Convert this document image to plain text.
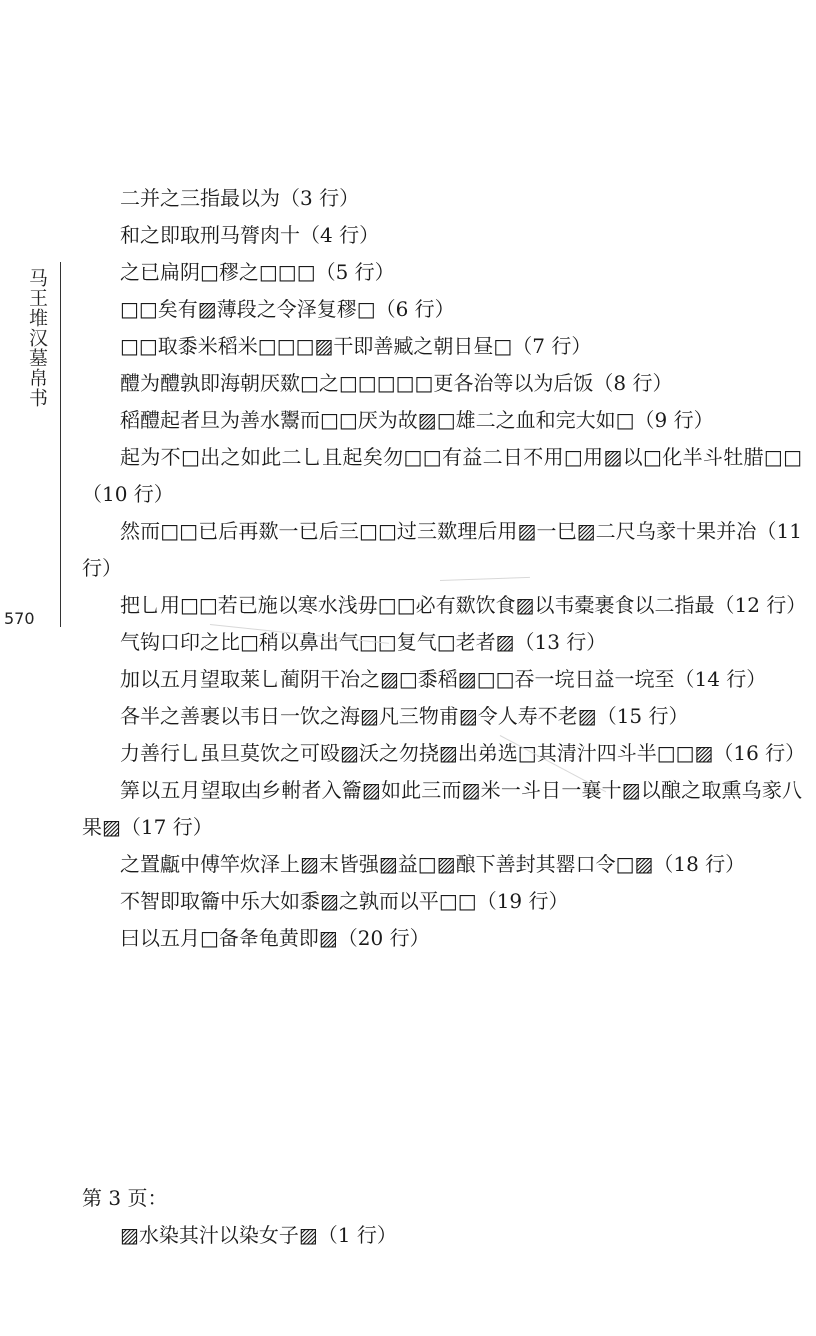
马王堆汉墓帛书
570

二并之三指最以为（3 行）

和之即取刑马膂肉十（4 行）

之已扁阴□穋之□□□（5 行）

□□矣有▨薄段之令泽复穋□（6 行）

□□取黍米稻米□□□▨干即善臧之朝日昼□（7 行）

醴为醴孰即海朝厌欼□之□□□□□更各治等以为后饭（8 行）

稻醴起者旦为善水鬻而□□厌为故▨□雄二之血和完大如□（9 行）

起为不□出之如此二乚且起矣勿□□有益二日不用□用▨以□化半斗牡腊□□（10 行）

然而□□已后再欼一已后三□□过三欼理后用▨一巳▨二尺乌豙十果并冶（11 行）

把乚用□□若已施以寒水浅毋□□必有欼饮食▨以韦橐裹食以二指最（12 行）

气钩口印之比□稍以鼻出气□□复气□老者▨（13 行）

加以五月望取莱乚蔺阴干冶之▨□黍稻▨□□吞一垸日益一垸至（14 行）

各半之善裹以韦日一饮之海▨凡三物甫▨令人寿不老▨（15 行）

力善行乚虽旦莫饮之可殴▨沃之勿挠▨出弟选□其清汁四斗半□□▨（16 行）

筭以五月望取凷乡軵者入籥▨如此三而▨米一斗日一襄十▨以酿之取熏乌豙八果▨（17 行）

之置甗中傅竿炊泽上▨末皆强▨益□▨酿下善封其罂口令□▨（18 行）

不智即取籥中乐大如黍▨之孰而以平□□（19 行）

曰以五月□备夅龟黄即▨（20 行）

第 3 页：

▨水染其汁以染女子▨（1 行）
